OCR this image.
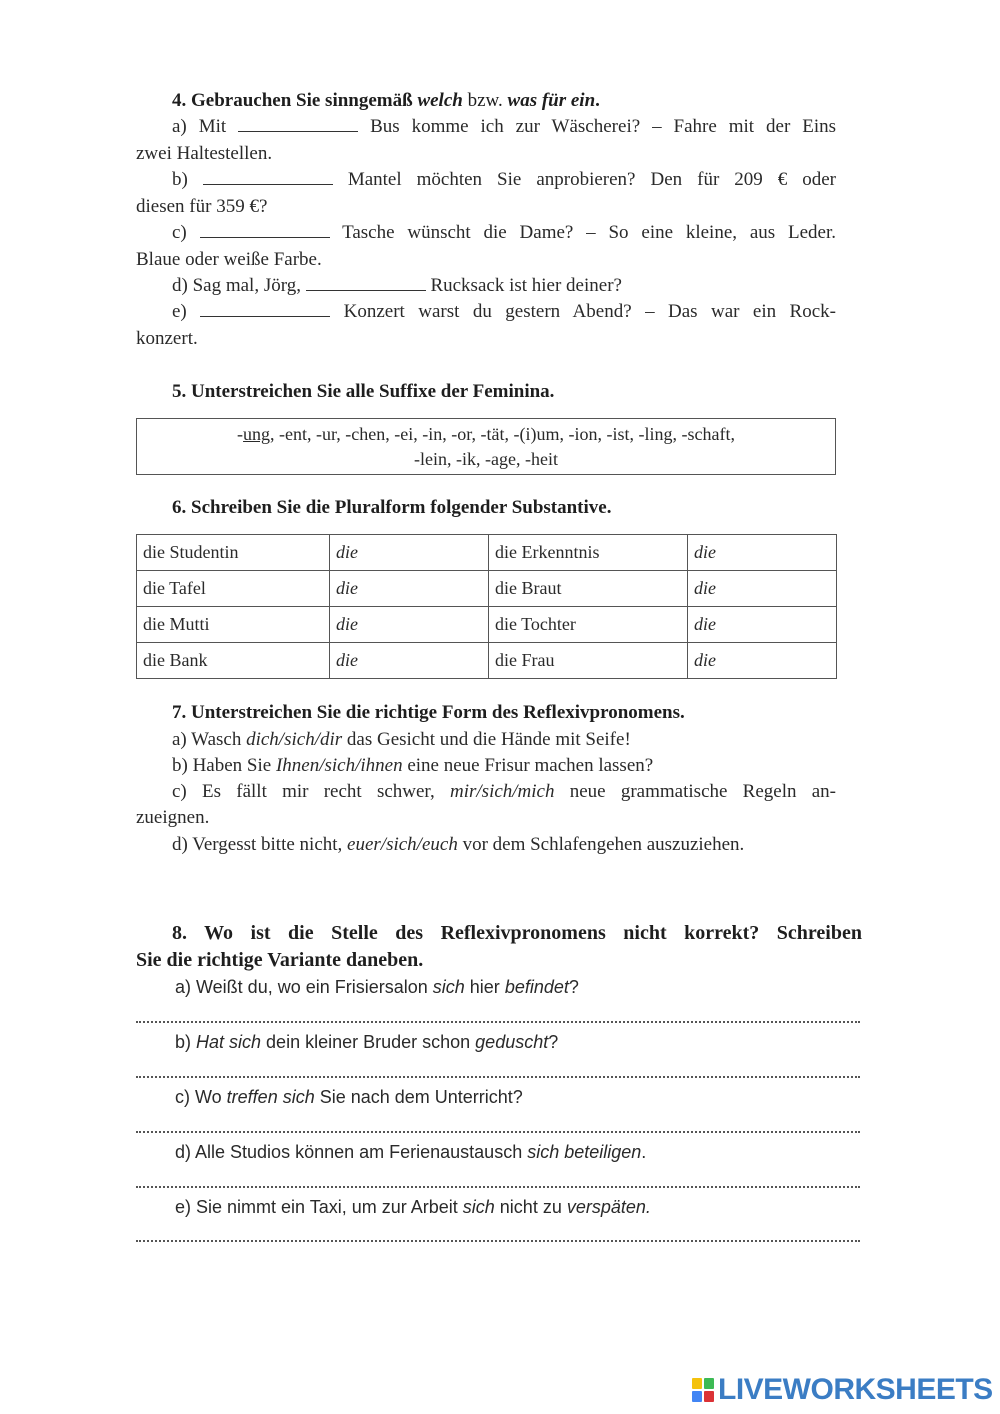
4. Gebrauchen Sie sinngemäß welch bzw. was für ein.
a) Mit	Bus komme ich zur Wäscherei? – Fahre mit der Eins
zwei Haltestellen.
b)	Mantel möchten Sie anprobieren? Den für 209 € oder
diesen für 359 €?
c)	Tasche wünscht die Dame? – So eine kleine, aus Leder.
Blaue oder weiße Farbe.
d) Sag mal, Jörg,	Rucksack ist hier deiner?
e)	Konzert warst du gestern Abend? – Das war ein Rock-
konzert.
5. Unterstreichen Sie alle Suffixe der Feminina.
-ung, -ent, -ur, -chen, -ei, -in, -or, -tät, -(i)um, -ion, -ist, -ling, -schaft,
-lein, -ik, -age, -heit
6. Schreiben Sie die Pluralform folgender Substantive.
die Studentin	die	die Erkenntnis	die
die Tafel	die	die Braut	die
die Mutti	die	die Tochter	die
die Bank	die	die Frau	die
7. Unterstreichen Sie die richtige Form des Reflexivpronomens.
a) Wasch dich/sich/dir das Gesicht und die Hände mit Seife!
b) Haben Sie Ihnen/sich/ihnen eine neue Frisur machen lassen?
c) Es fällt mir recht schwer, mir/sich/mich neue grammatische Regeln an-
zueignen.
d) Vergesst bitte nicht, euer/sich/euch vor dem Schlafengehen auszuziehen.
8. Wo ist die Stelle des Reflexivpronomens nicht korrekt? Schreiben
Sie die richtige Variante daneben.
a) Weißt du, wo ein Frisiersalon sich hier befindet?
b) Hat sich dein kleiner Bruder schon geduscht?
c) Wo treffen sich Sie nach dem Unterricht?
d) Alle Studios können am Ferienaustausch sich beteiligen.
e) Sie nimmt ein Taxi, um zur Arbeit sich nicht zu verspäten.
LIVEWORKSHEETS
